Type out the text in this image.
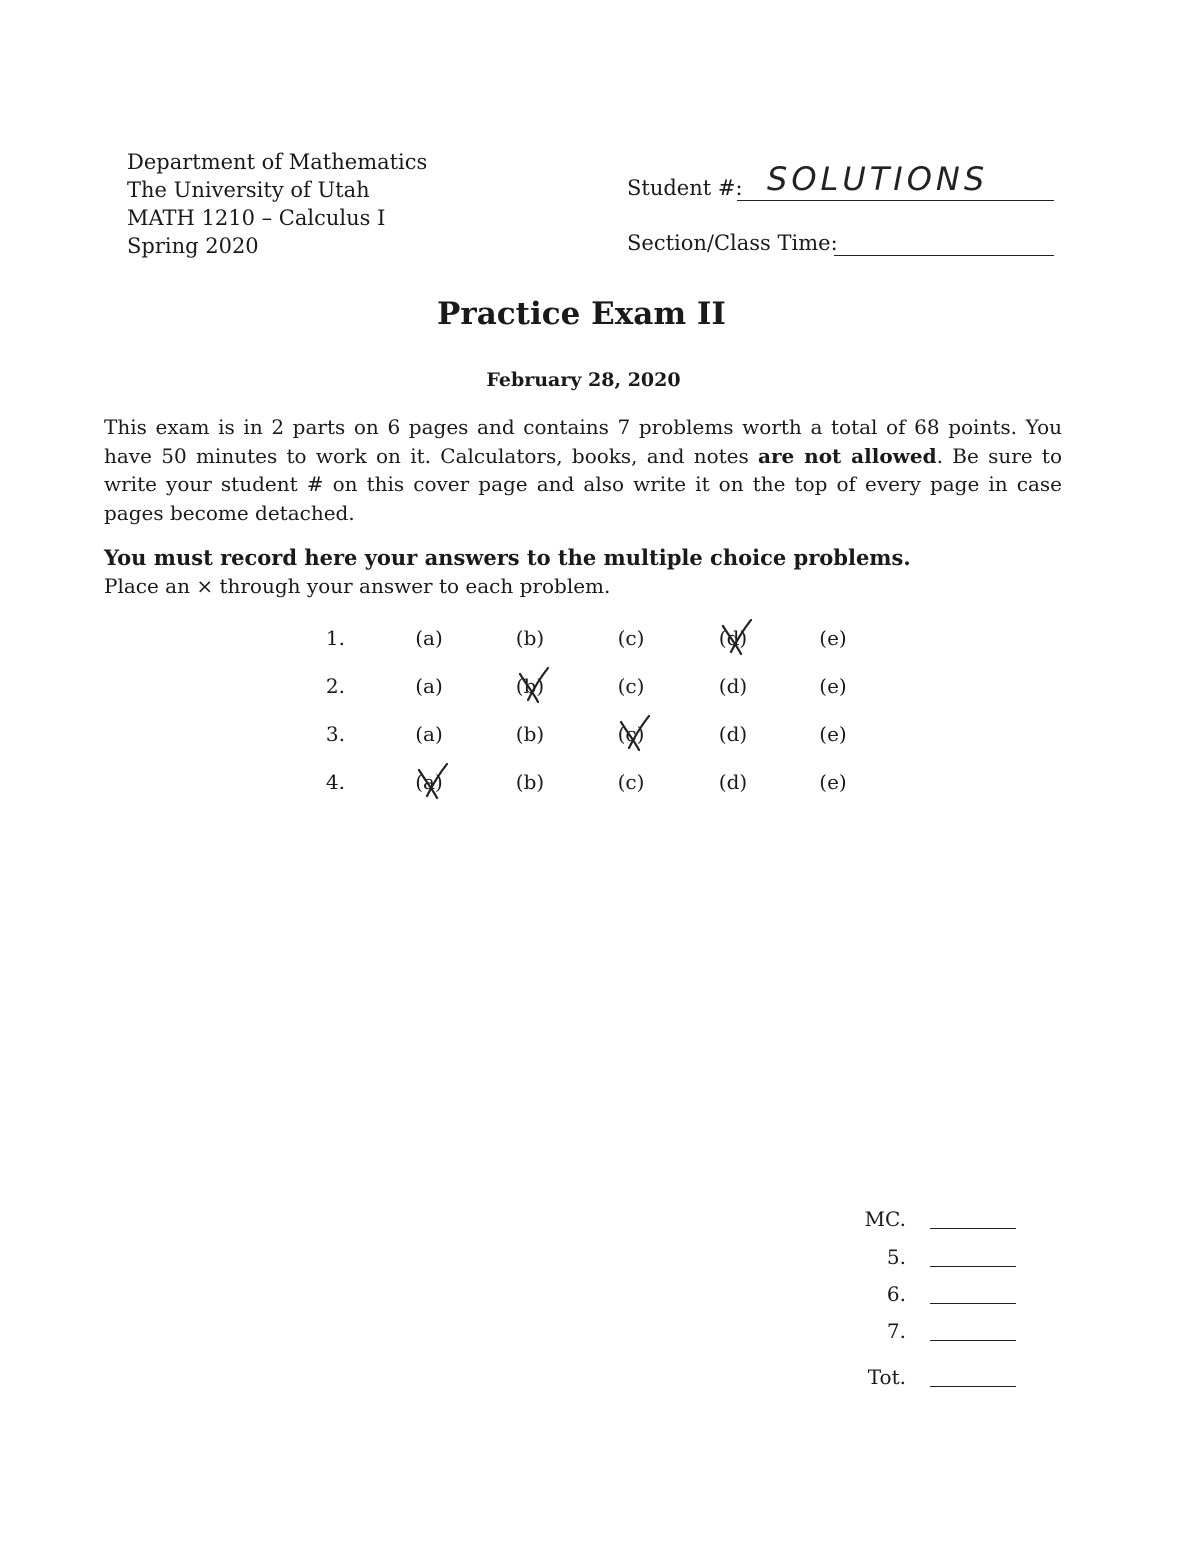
Department of Mathematics
The University of Utah
MATH 1210 – Calculus I
Spring 2020
Student #: SOLUTIONS
Section/Class Time:
Practice Exam II
February 28, 2020
This exam is in 2 parts on 6 pages and contains 7 problems worth a total of 68 points. You have 50 minutes to work on it. Calculators, books, and notes are not allowed. Be sure to write your student # on this cover page and also write it on the top of every page in case pages become detached.
You must record here your answers to the multiple choice problems.
Place an × through your answer to each problem.
1.	(a)	(b)	(c)	(d)	(e)
2.	(a)	(b)	(c)	(d)	(e)
3.	(a)	(b)	(c)	(d)	(e)
4.	(a)	(b)	(c)	(d)	(e)
MC.
5.
6.
7.
Tot.
